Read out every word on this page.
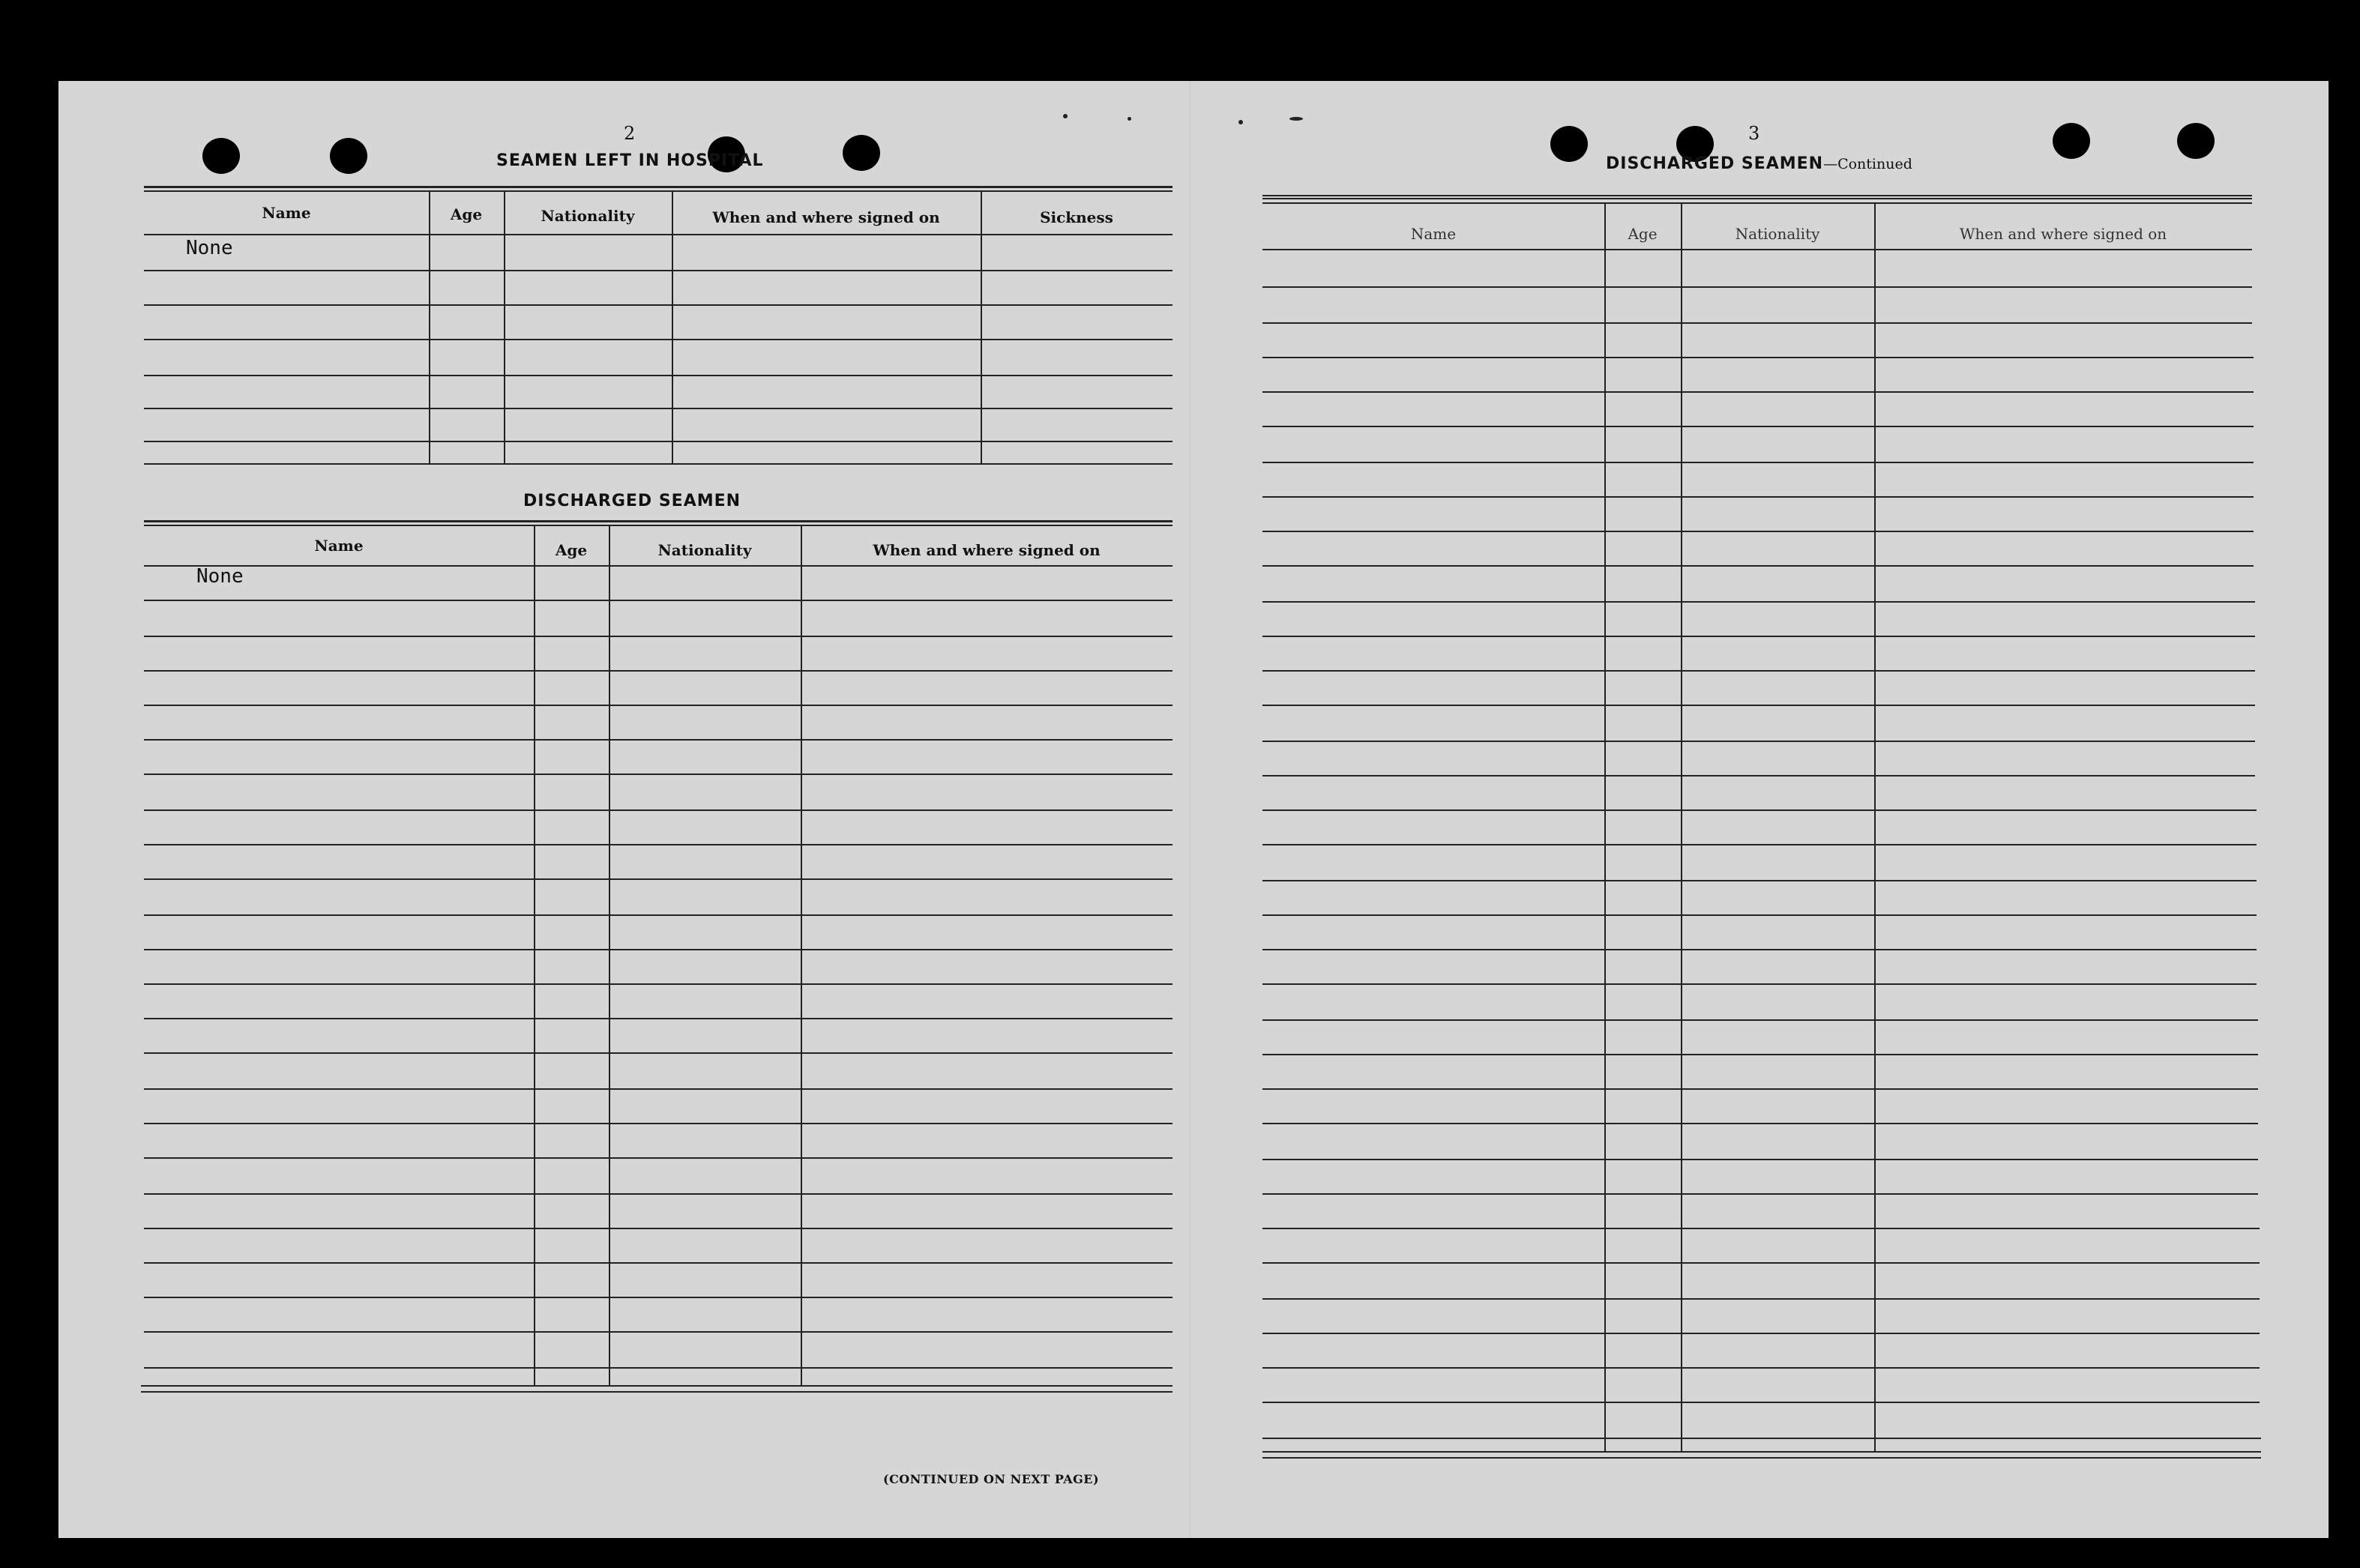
2
SEAMEN LEFT IN HOSPITAL
Name	Age	Nationality	When and where signed on	Sickness
None
DISCHARGED SEAMEN
Name	Age	Nationality	When and where signed on
None
(CONTINUED ON NEXT PAGE)
3
DISCHARGED SEAMEN—Continued
Name	Age	Nationality	When and where signed on
